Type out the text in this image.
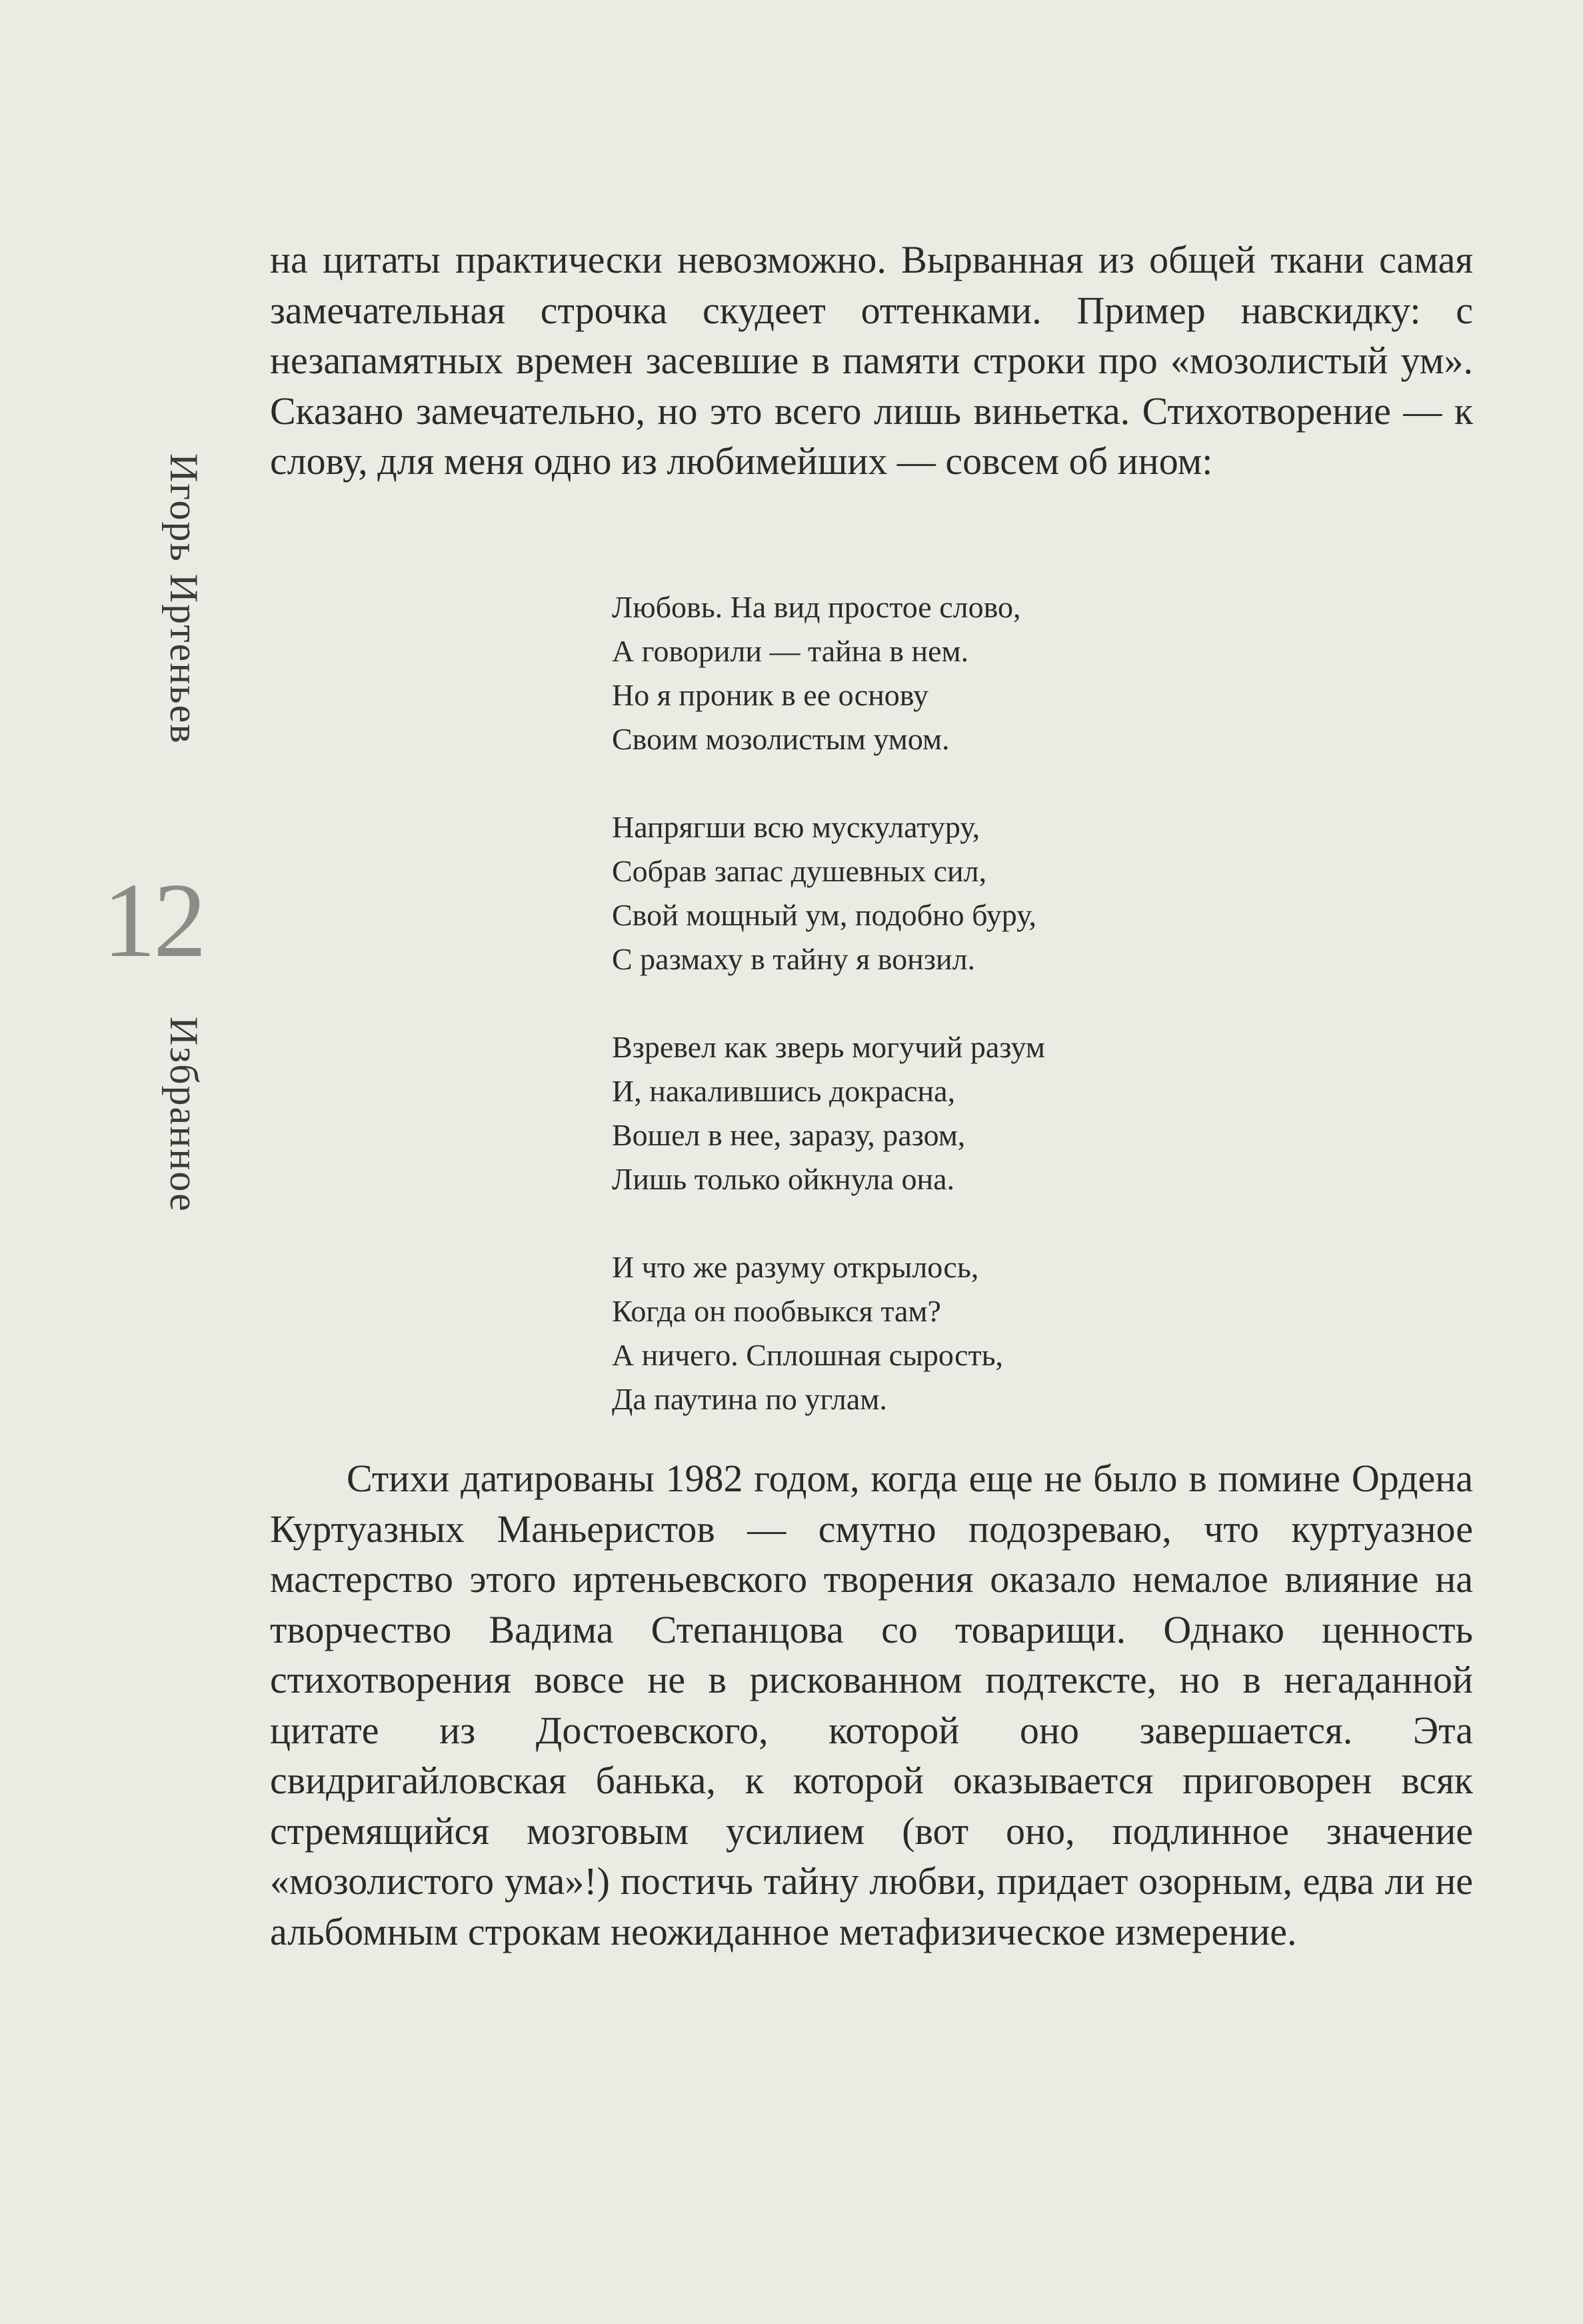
Игорь Иртеньев
12
Избранное

на цитаты практически невозможно. Вырванная из общей ткани самая замечательная строчка скудеет оттенками. Пример навскидку: с незапамятных времен засевшие в памяти строки про «мозолистый ум». Сказано замечательно, но это всего лишь виньетка. Стихотворение — к слову, для меня одно из любимейших — совсем об ином:

Любовь. На вид простое слово,
А говорили — тайна в нем.
Но я проник в ее основу
Своим мозолистым умом.
Напрягши всю мускулатуру,
Собрав запас душевных сил,
Свой мощный ум, подобно буру,
С размаху в тайну я вонзил.
Взревел как зверь могучий разум
И, накалившись докрасна,
Вошел в нее, заразу, разом,
Лишь только ойкнула она.
И что же разуму открылось,
Когда он пообвыкся там?
А ничего. Сплошная сырость,
Да паутина по углам.

Стихи датированы 1982 годом, когда еще не было в помине Ордена Куртуазных Маньеристов — смутно подозреваю, что куртуазное мастерство этого иртеньевского творения оказало немалое влияние на творчество Вадима Степанцова со товарищи. Однако ценность стихотворения вовсе не в рискованном подтексте, но в негаданной цитате из Достоевского, которой оно завершается. Эта свидригайловская банька, к которой оказывается приговорен всяк стремящийся мозговым усилием (вот оно, подлинное значение «мозолистого ума»!) постичь тайну любви, придает озорным, едва ли не альбомным строкам неожиданное метафизическое измерение.
